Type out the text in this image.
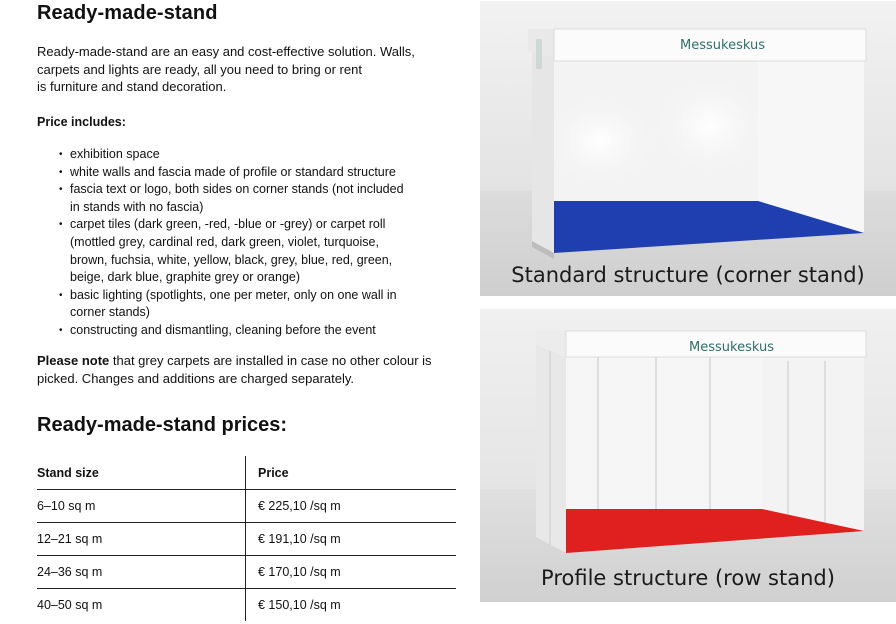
Ready-made-stand

Ready-made-stand are an easy and cost-effective solution. Walls,
carpets and lights are ready, all you need to bring or rent
is furniture and stand decoration.

Price includes:

• exhibition space
• white walls and fascia made of profile or standard structure
• fascia text or logo, both sides on corner stands (not included
in stands with no fascia)
• carpet tiles (dark green, -red, -blue or -grey) or carpet roll
(mottled grey, cardinal red, dark green, violet, turquoise,
brown, fuchsia, white, yellow, black, grey, blue, red, green,
beige, dark blue, graphite grey or orange)
• basic lighting (spotlights, one per meter, only on one wall in
corner stands)
• constructing and dismantling, cleaning before the event

Please note that grey carpets are installed in case no other colour is
picked. Changes and additions are charged separately.

Ready-made-stand prices:
Stand size	Price
6–10 sq m	€ 225,10 /sq m
12–21 sq m	€ 191,10 /sq m
24–36 sq m	€ 170,10 /sq m
40–50 sq m	€ 150,10 /sq m
Messukeskus
Standard structure (corner stand)
Messukeskus
Profile structure (row stand)
